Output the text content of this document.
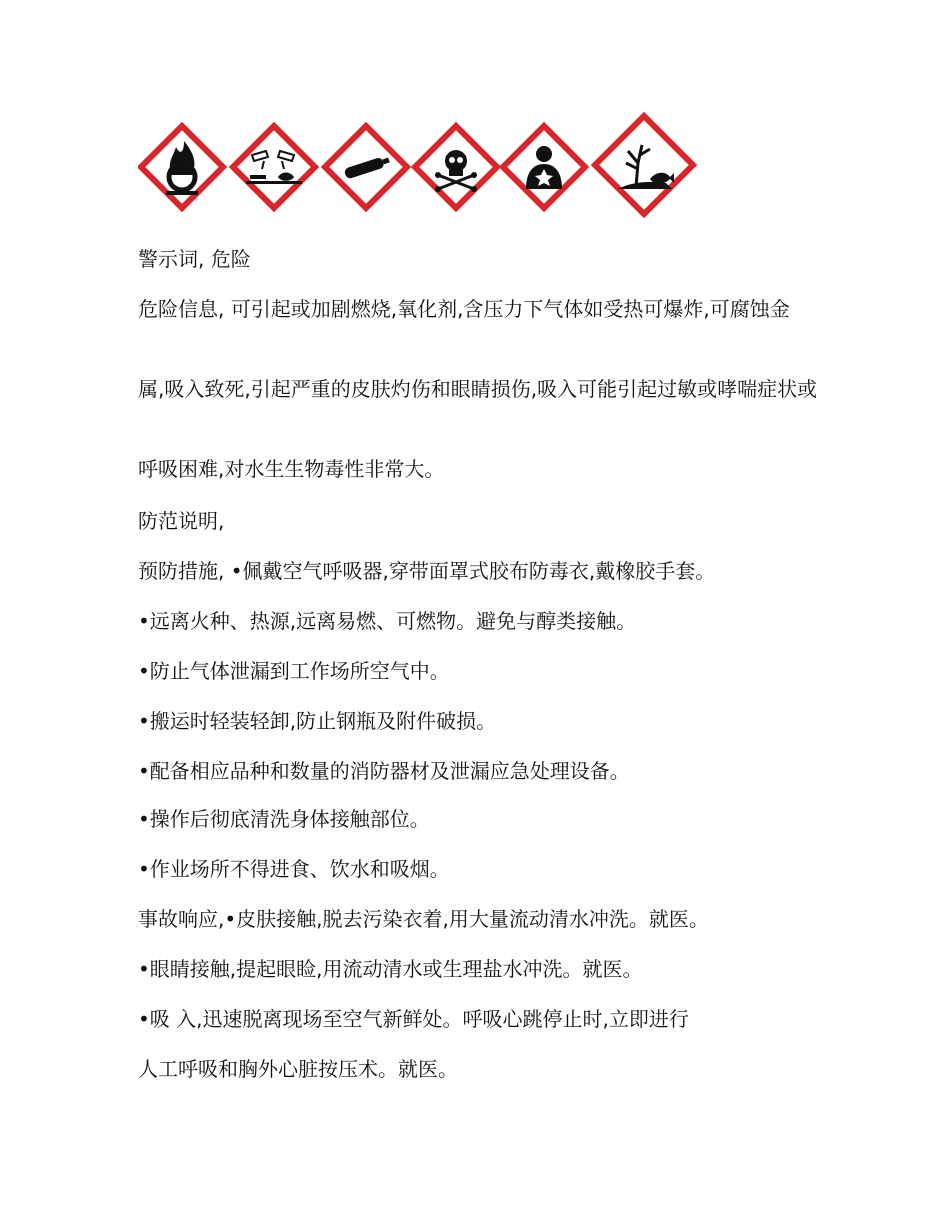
警示词, 危险

危险信息, 可引起或加剧燃烧,氧化剂,含压力下气体如受热可爆炸,可腐蚀金

属,吸入致死,引起严重的皮肤灼伤和眼睛损伤,吸入可能引起过敏或哮喘症状或

呼吸困难,对水生生物毒性非常大。

防范说明,

预防措施, •佩戴空气呼吸器,穿带面罩式胶布防毒衣,戴橡胶手套。

•远离火种、热源,远离易燃、可燃物。避免与醇类接触。

•防止气体泄漏到工作场所空气中。

•搬运时轻装轻卸,防止钢瓶及附件破损。

•配备相应品种和数量的消防器材及泄漏应急处理设备。

•操作后彻底清洗身体接触部位。

•作业场所不得进食、饮水和吸烟。

事故响应,•皮肤接触,脱去污染衣着,用大量流动清水冲洗。就医。

•眼睛接触,提起眼睑,用流动清水或生理盐水冲洗。就医。

•吸 入,迅速脱离现场至空气新鲜处。呼吸心跳停止时,立即进行

人工呼吸和胸外心脏按压术。就医。
